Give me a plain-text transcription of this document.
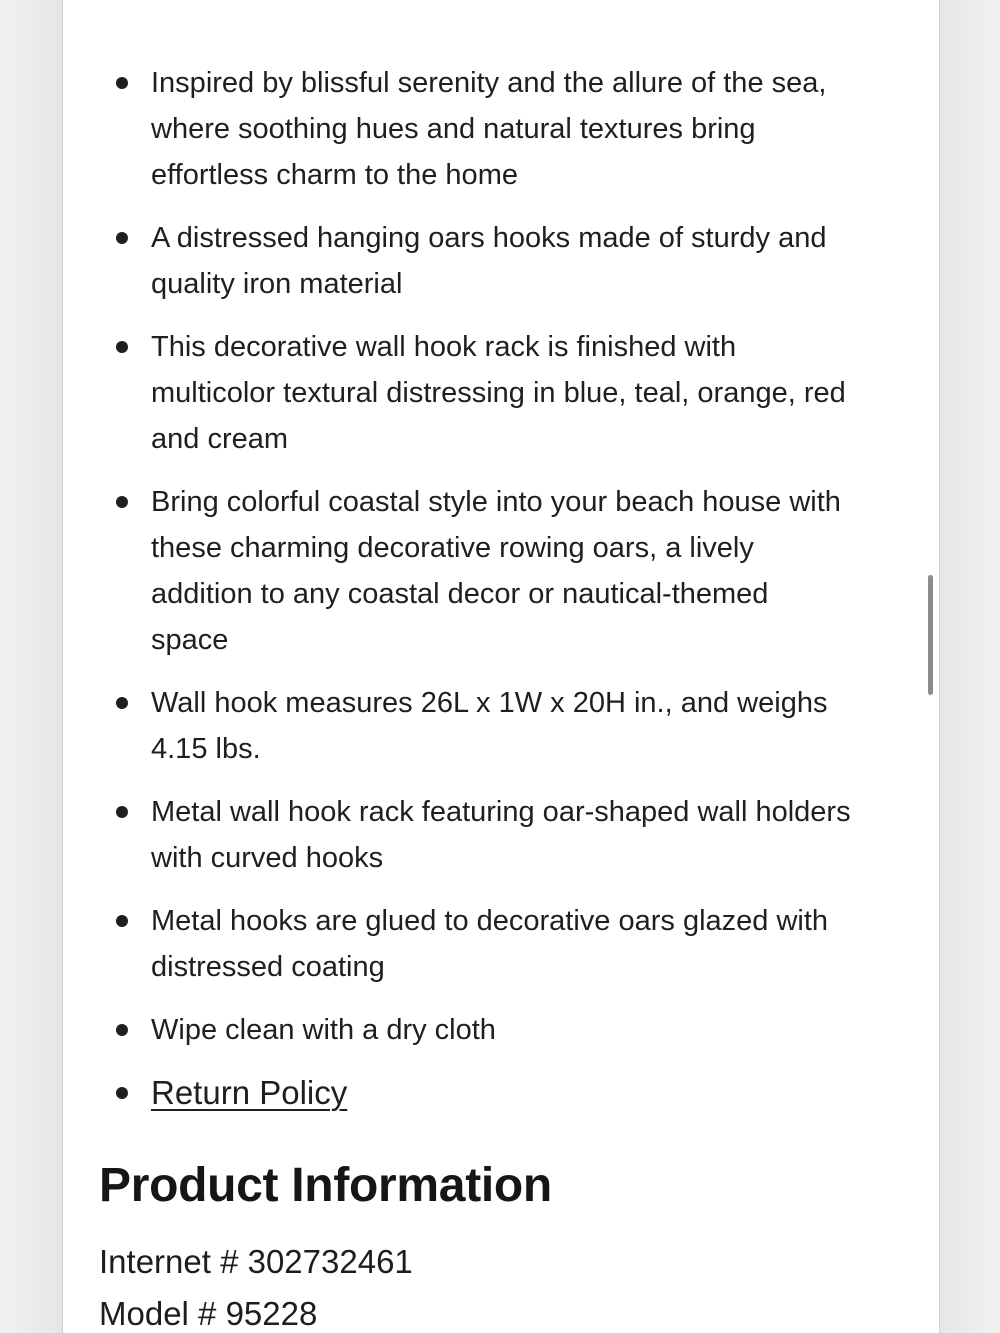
Inspired by blissful serenity and the allure of the sea, where soothing hues and natural textures bring effortless charm to the home
A distressed hanging oars hooks made of sturdy and quality iron material
This decorative wall hook rack is finished with multicolor textural distressing in blue, teal, orange, red and cream
Bring colorful coastal style into your beach house with these charming decorative rowing oars, a lively addition to any coastal decor or nautical-themed space
Wall hook measures 26L x 1W x 20H in., and weighs 4.15 lbs.
Metal wall hook rack featuring oar-shaped wall holders with curved hooks
Metal hooks are glued to decorative oars glazed with distressed coating
Wipe clean with a dry cloth
Return Policy
Product Information

Internet # 302732461

Model # 95228
